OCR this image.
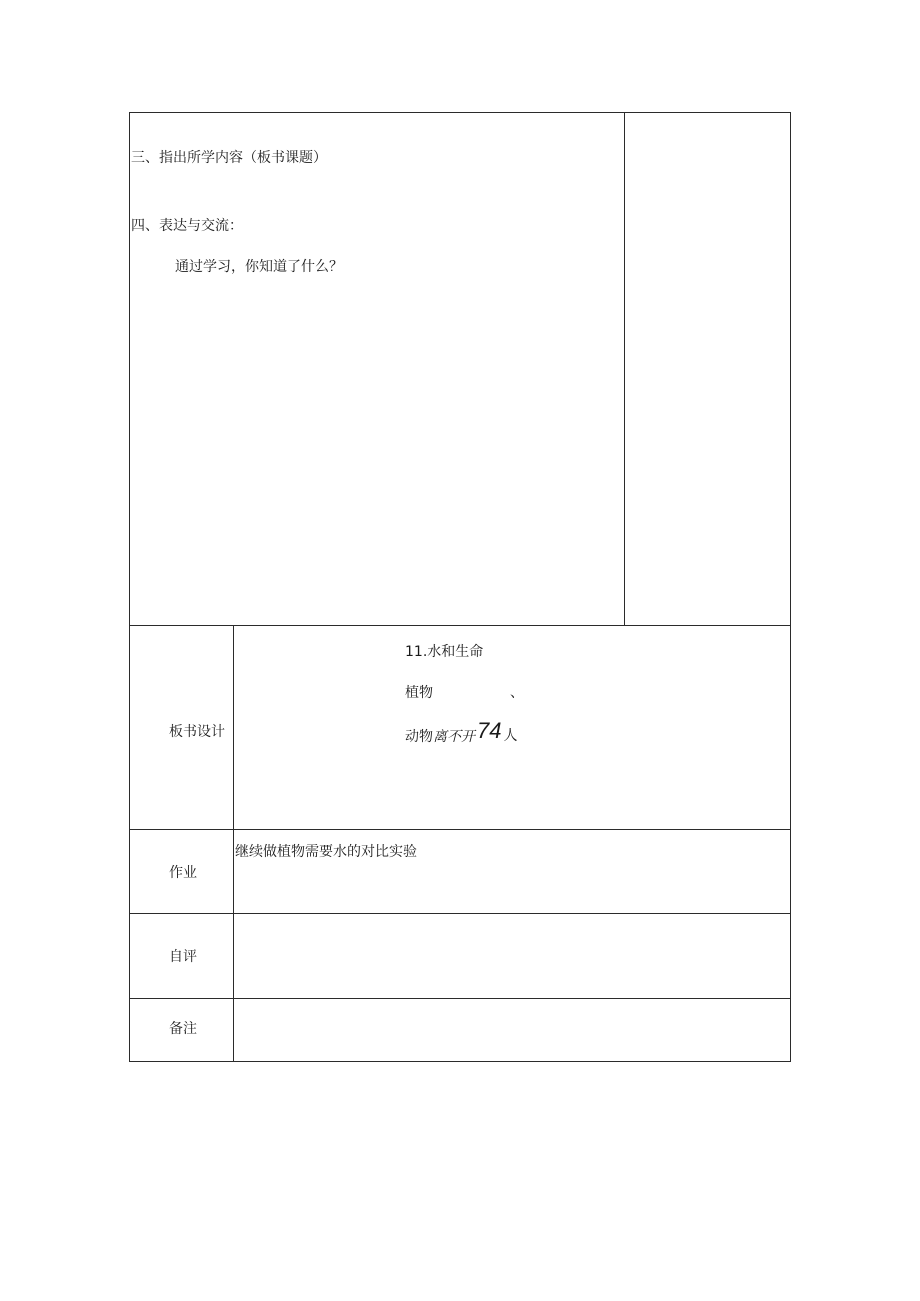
三、指出所学内容（板书课题）
四、表达与交流：
通过学习，你知道了什么？
板书设计
11.水和生命
植物	、
动物离不开74 人
作业
继续做植物需要水的对比实验
自评
备注
